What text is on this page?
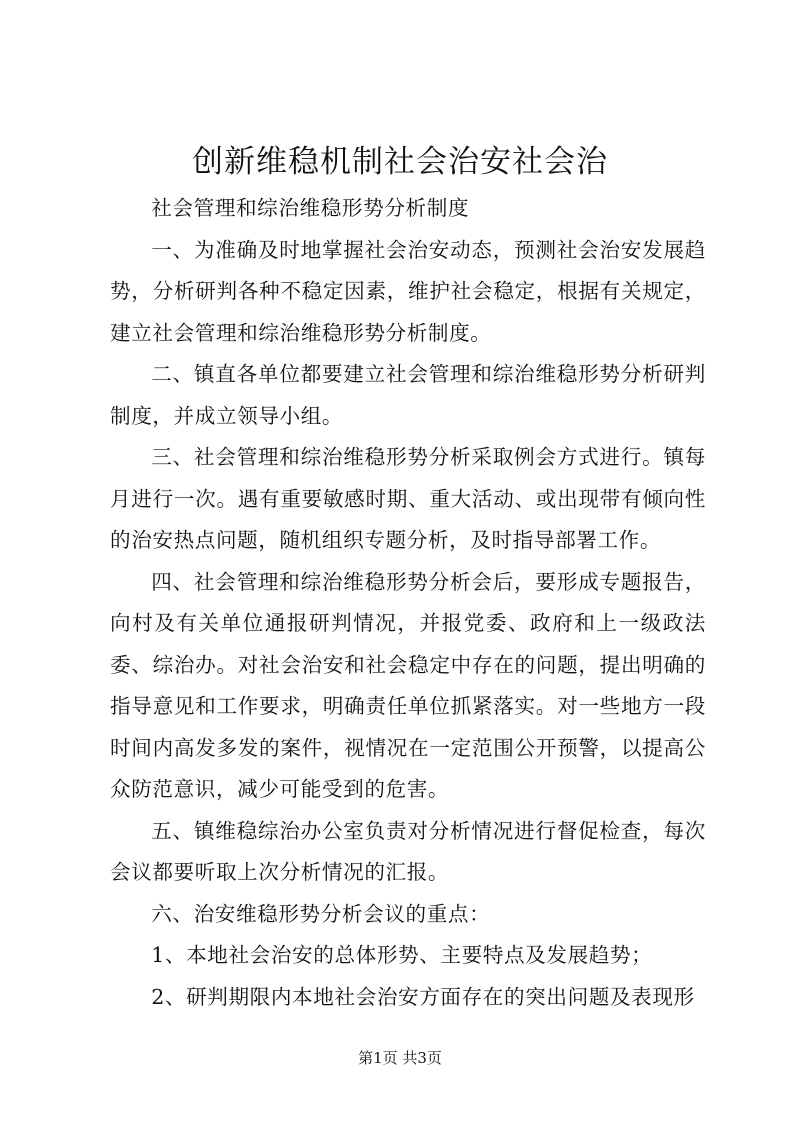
创新维稳机制社会治安社会治

社会管理和综治维稳形势分析制度

一、为准确及时地掌握社会治安动态，预测社会治安发展趋势，分析研判各种不稳定因素，维护社会稳定，根据有关规定，建立社会管理和综治维稳形势分析制度。

二、镇直各单位都要建立社会管理和综治维稳形势分析研判制度，并成立领导小组。

三、社会管理和综治维稳形势分析采取例会方式进行。镇每月进行一次。遇有重要敏感时期、重大活动、或出现带有倾向性的治安热点问题，随机组织专题分析，及时指导部署工作。

四、社会管理和综治维稳形势分析会后，要形成专题报告，向村及有关单位通报研判情况，并报党委、政府和上一级政法委、综治办。对社会治安和社会稳定中存在的问题，提出明确的指导意见和工作要求，明确责任单位抓紧落实。对一些地方一段时间内高发多发的案件，视情况在一定范围公开预警，以提高公众防范意识，减少可能受到的危害。

五、镇维稳综治办公室负责对分析情况进行督促检查，每次会议都要听取上次分析情况的汇报。

六、治安维稳形势分析会议的重点：

1、本地社会治安的总体形势、主要特点及发展趋势；

2、研判期限内本地社会治安方面存在的突出问题及表现形

第1页 共3页
